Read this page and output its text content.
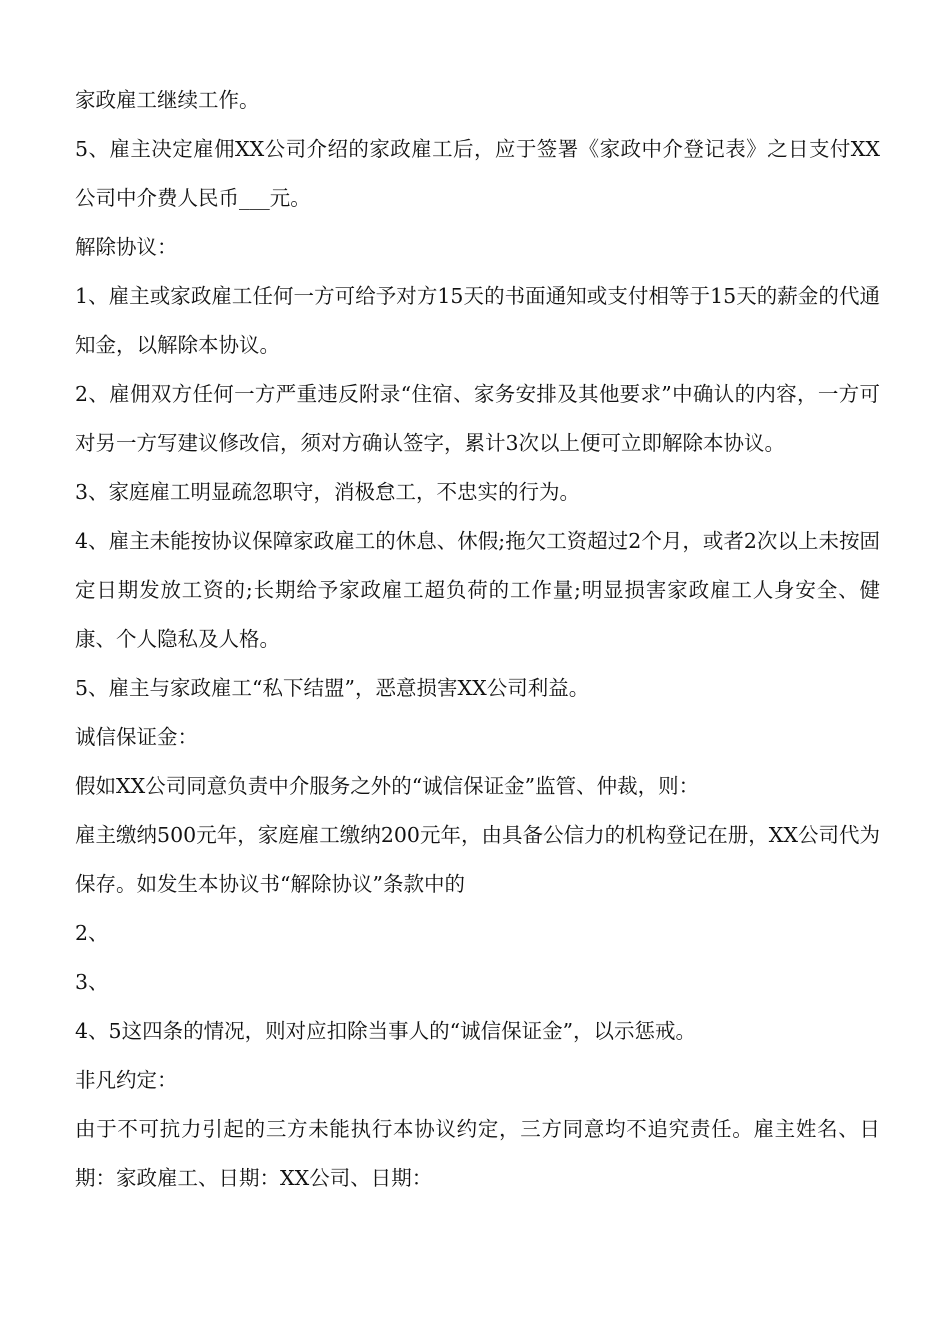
家政雇工继续工作。

5、雇主决定雇佣XX公司介绍的家政雇工后，应于签署《家政中介登记表》之日支付XX公司中介费人民币___元。

解除协议：

1、雇主或家政雇工任何一方可给予对方15天的书面通知或支付相等于15天的薪金的代通知金，以解除本协议。

2、雇佣双方任何一方严重违反附录“住宿、家务安排及其他要求”中确认的内容，一方可对另一方写建议修改信，须对方确认签字，累计3次以上便可立即解除本协议。

3、家庭雇工明显疏忽职守，消极怠工，不忠实的行为。

4、雇主未能按协议保障家政雇工的休息、休假;拖欠工资超过2个月，或者2次以上未按固定日期发放工资的;长期给予家政雇工超负荷的工作量;明显损害家政雇工人身安全、健康、个人隐私及人格。

5、雇主与家政雇工“私下结盟”，恶意损害XX公司利益。

诚信保证金：

假如XX公司同意负责中介服务之外的“诚信保证金”监管、仲裁，则：

雇主缴纳500元年，家庭雇工缴纳200元年，由具备公信力的机构登记在册，XX公司代为保存。如发生本协议书“解除协议”条款中的

2、

3、

4、5这四条的情况，则对应扣除当事人的“诚信保证金”，以示惩戒。

非凡约定：

由于不可抗力引起的三方未能执行本协议约定，三方同意均不追究责任。雇主姓名、日期：家政雇工、日期：XX公司、日期：
